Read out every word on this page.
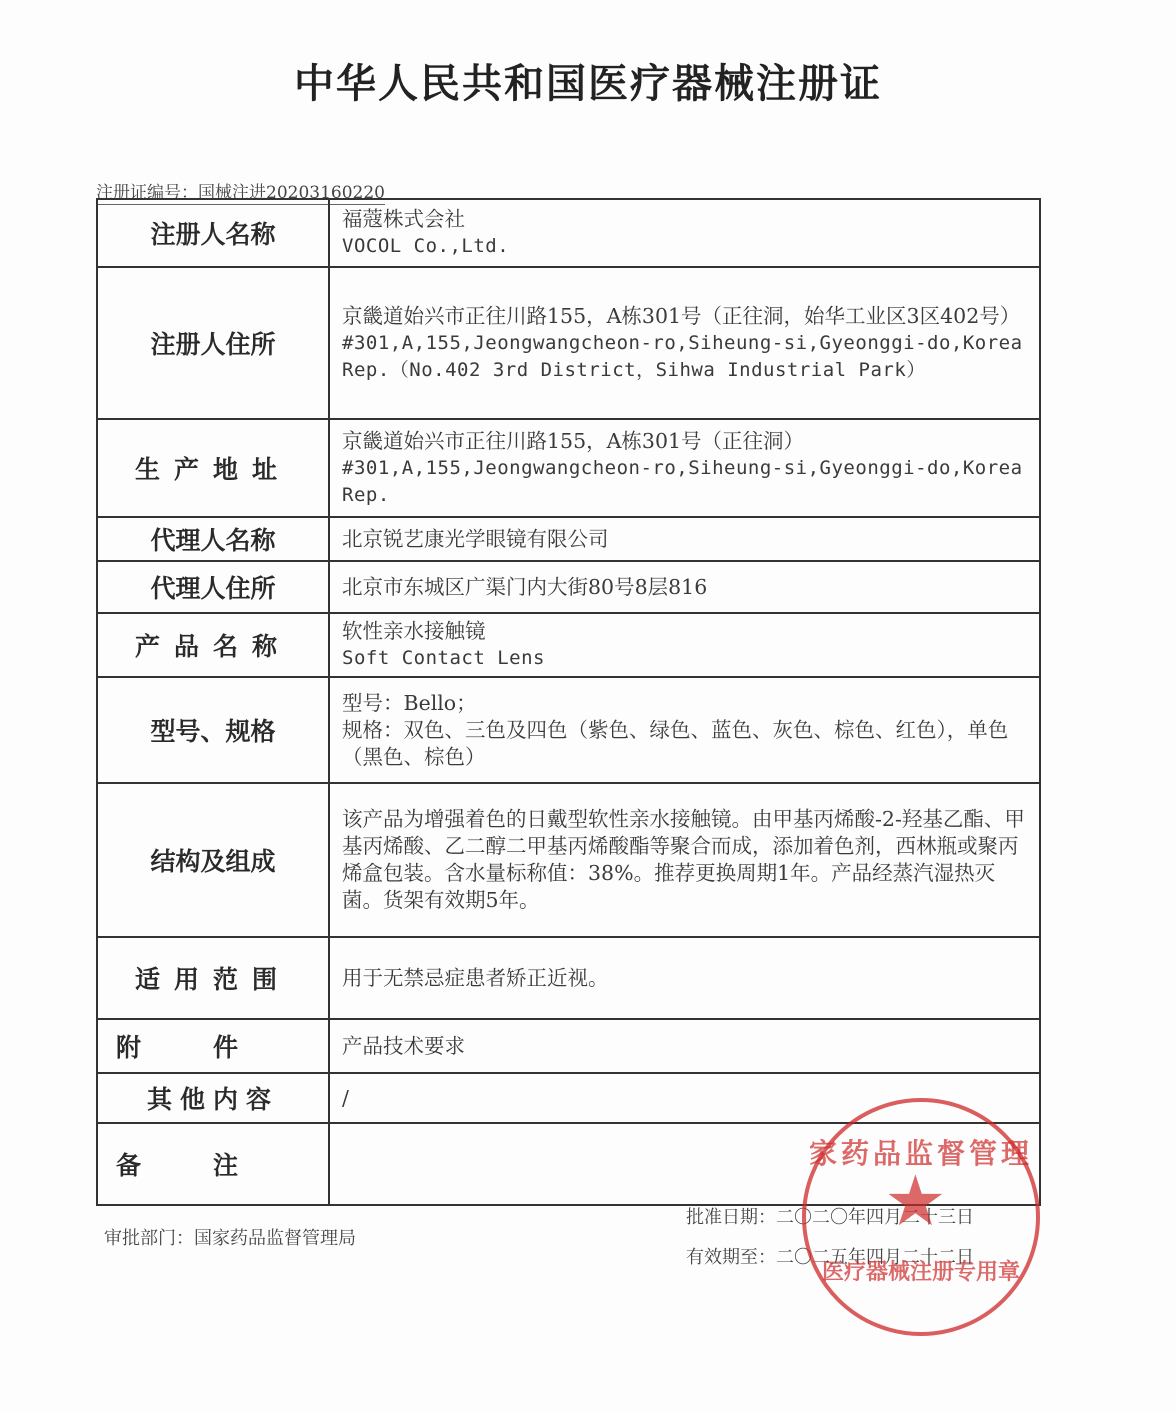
中华人民共和国医疗器械注册证
注册证编号：国械注进20203160220
注册人名称	福蔻株式会社
VOCOL Co.,Ltd.

注册人住所	京畿道始兴市正往川路155，A栋301号（正往洞，始华工业区3区402号）
#301,A,155,Jeongwangcheon-ro,Siheung-si,Gyeonggi-do,Korea Rep.（No.402 3rd District，Sihwa Industrial Park）

生产地址	京畿道始兴市正往川路155，A栋301号（正往洞）
#301,A,155,Jeongwangcheon-ro,Siheung-si,Gyeonggi-do,Korea Rep.

代理人名称	北京锐艺康光学眼镜有限公司

代理人住所	北京市东城区广渠门内大街80号8层816

产品名称	软性亲水接触镜
Soft Contact Lens

型号、规格	型号：Bello；
规格：双色、三色及四色（紫色、绿色、蓝色、灰色、棕色、红色），单色（黑色、棕色）

结构及组成	该产品为增强着色的日戴型软性亲水接触镜。由甲基丙烯酸-2-羟基乙酯、甲基丙烯酸、乙二醇二甲基丙烯酸酯等聚合而成，添加着色剂，西林瓶或聚丙烯盒包装。含水量标称值：38%。推荐更换周期1年。产品经蒸汽湿热灭菌。货架有效期5年。

适用范围	用于无禁忌症患者矫正近视。

附件	产品技术要求

其他内容	/

备注	
审批部门：国家药品监督管理局
批准日期：二〇二〇年四月二十三日
有效期至：二〇二五年四月二十二日
家药品监督管理
★
医疗器械注册专用章
